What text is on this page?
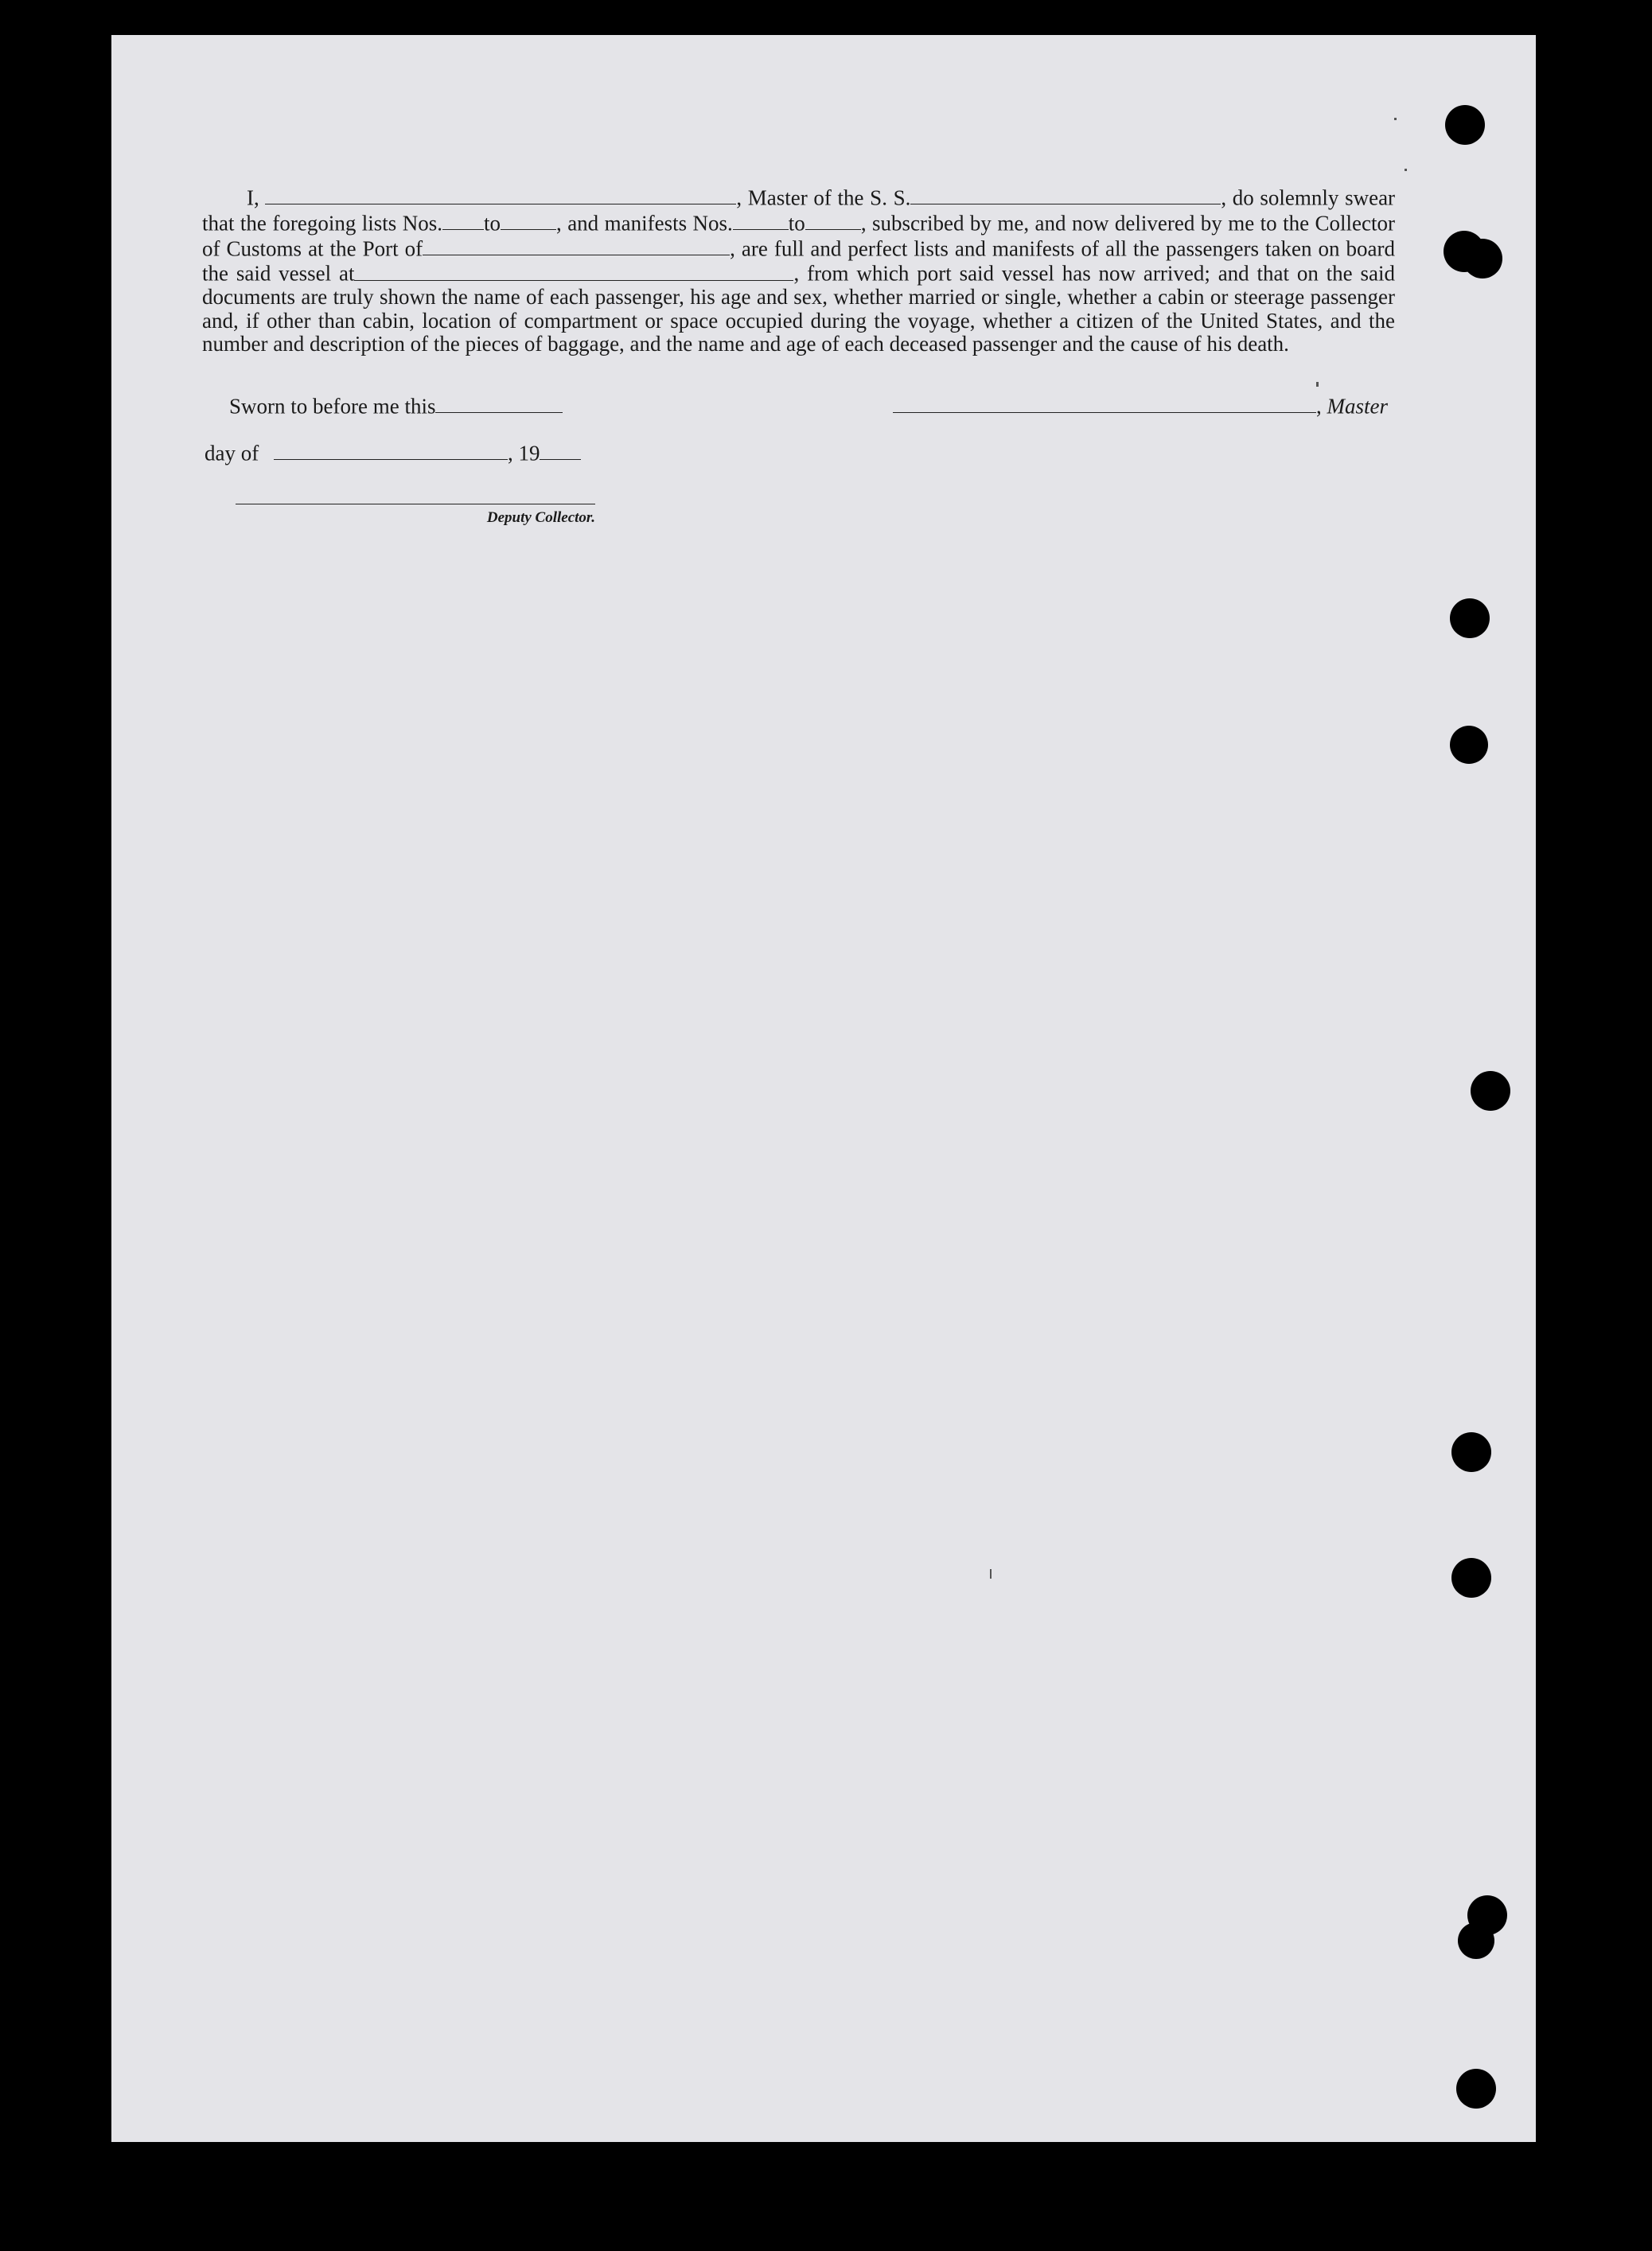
I,	, Master of the S. S.	, do solemnly swear that the foregoing lists Nos. to	, and manifests Nos.	to	, subscribed by me, and now delivered by me to the Collector of Customs at the Port of	, are full and perfect lists and manifests of all the passengers taken on board the said vessel at	, from which port said vessel has now arrived; and that on the said documents are truly shown the name of each passenger, his age and sex, whether married or single, whether a cabin or steerage passenger and, if other than cabin, location of compartment or space occupied during the voyage, whether a citizen of the United States, and the number and description of the pieces of baggage, and the name and age of each deceased passenger and the cause of his death.

Sworn to before me this	, Master
day of	, 19
Deputy Collector.
